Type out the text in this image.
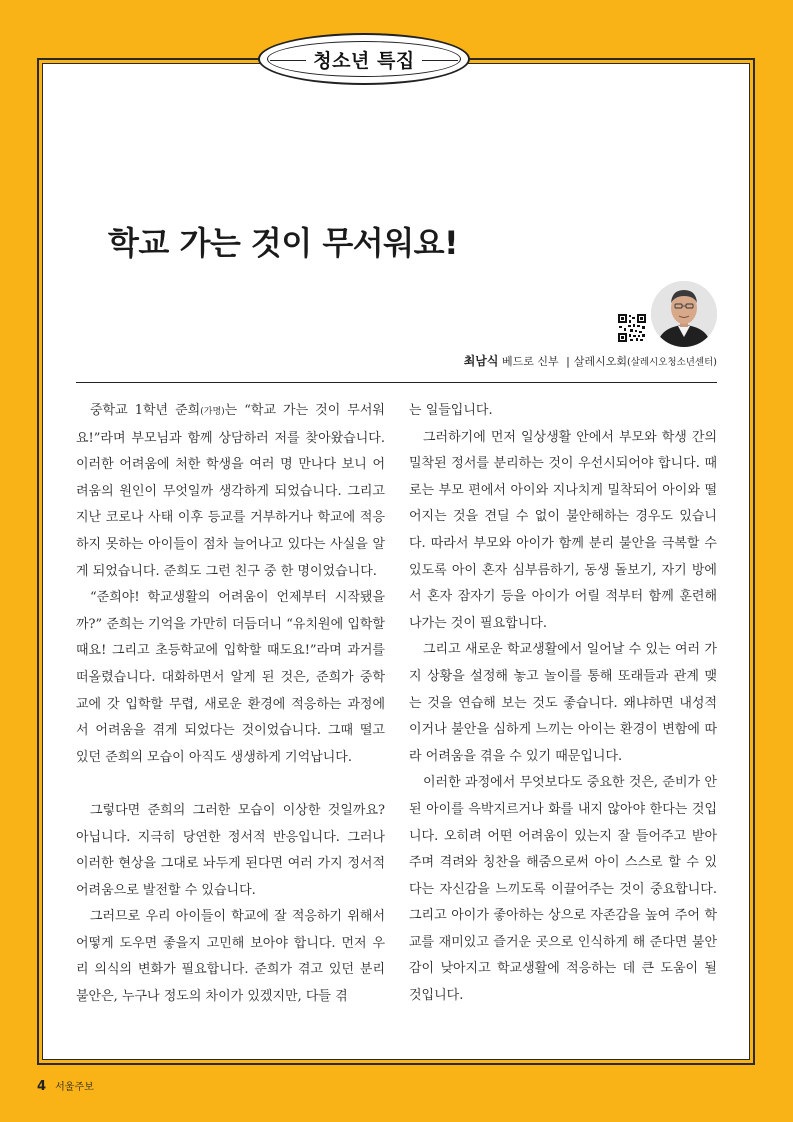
청소년 특집
학교 가는 것이 무서워요!
최남식 베드로 신부 | 살레시오회(살레시오청소년센터)

중학교 1학년 준희(가명)는 “학교 가는 것이 무서워요!”라며 부모님과 함께 상담하러 저를 찾아왔습니다. 이러한 어려움에 처한 학생을 여러 명 만나다 보니 어려움의 원인이 무엇일까 생각하게 되었습니다. 그리고 지난 코로나 사태 이후 등교를 거부하거나 학교에 적응하지 못하는 아이들이 점차 늘어나고 있다는 사실을 알게 되었습니다. 준희도 그런 친구 중 한 명이었습니다.

“준희야! 학교생활의 어려움이 언제부터 시작됐을까?” 준희는 기억을 가만히 더듬더니 “유치원에 입학할 때요! 그리고 초등학교에 입학할 때도요!”라며 과거를 떠올렸습니다. 대화하면서 알게 된 것은, 준희가 중학교에 갓 입학할 무렵, 새로운 환경에 적응하는 과정에서 어려움을 겪게 되었다는 것이었습니다. 그때 떨고 있던 준희의 모습이 아직도 생생하게 기억납니다.

그렇다면 준희의 그러한 모습이 이상한 것일까요? 아닙니다. 지극히 당연한 정서적 반응입니다. 그러나 이러한 현상을 그대로 놔두게 된다면 여러 가지 정서적 어려움으로 발전할 수 있습니다.

그러므로 우리 아이들이 학교에 잘 적응하기 위해서 어떻게 도우면 좋을지 고민해 보아야 합니다. 먼저 우리 의식의 변화가 필요합니다. 준희가 겪고 있던 분리 불안은, 누구나 정도의 차이가 있겠지만, 다들 겪

는 일들입니다.

그러하기에 먼저 일상생활 안에서 부모와 학생 간의 밀착된 정서를 분리하는 것이 우선시되어야 합니다. 때로는 부모 편에서 아이와 지나치게 밀착되어 아이와 떨어지는 것을 견딜 수 없이 불안해하는 경우도 있습니다. 따라서 부모와 아이가 함께 분리 불안을 극복할 수 있도록 아이 혼자 심부름하기, 동생 돌보기, 자기 방에서 혼자 잠자기 등을 아이가 어릴 적부터 함께 훈련해 나가는 것이 필요합니다.

그리고 새로운 학교생활에서 일어날 수 있는 여러 가지 상황을 설정해 놓고 놀이를 통해 또래들과 관계 맺는 것을 연습해 보는 것도 좋습니다. 왜냐하면 내성적이거나 불안을 심하게 느끼는 아이는 환경이 변함에 따라 어려움을 겪을 수 있기 때문입니다.

이러한 과정에서 무엇보다도 중요한 것은, 준비가 안 된 아이를 윽박지르거나 화를 내지 않아야 한다는 것입니다. 오히려 어떤 어려움이 있는지 잘 들어주고 받아주며 격려와 칭찬을 해줌으로써 아이 스스로 할 수 있다는 자신감을 느끼도록 이끌어주는 것이 중요합니다. 그리고 아이가 좋아하는 상으로 자존감을 높여 주어 학교를 재미있고 즐거운 곳으로 인식하게 해 준다면 불안감이 낮아지고 학교생활에 적응하는 데 큰 도움이 될 것입니다.

4 서울주보
